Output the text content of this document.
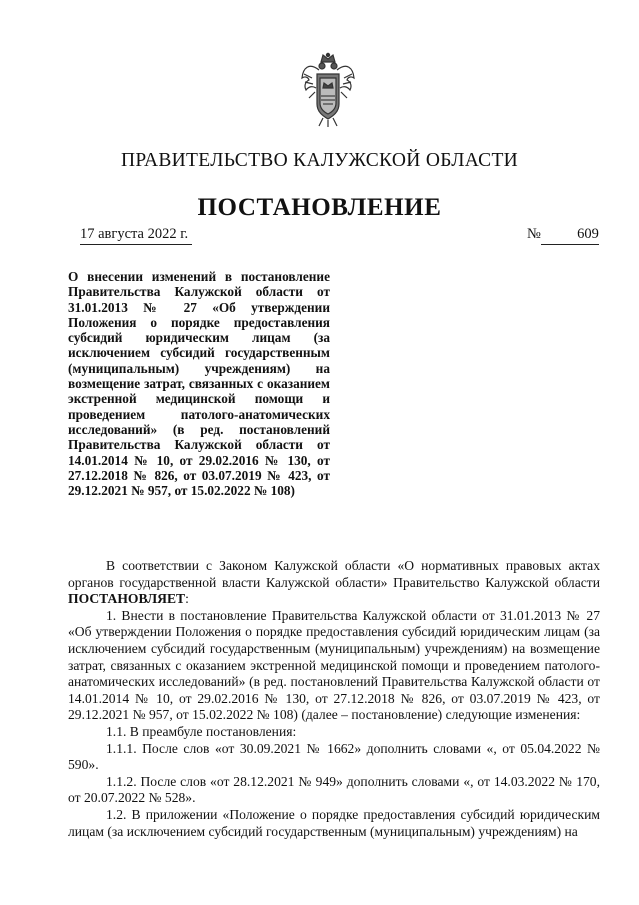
ПРАВИТЕЛЬСТВО КАЛУЖСКОЙ ОБЛАСТИ
ПОСТАНОВЛЕНИЕ
17 августа 2022 г.	№	609
О внесении изменений в постановление Правительства Калужской области от 31.01.2013 № 27 «Об утверждении Положения о порядке предоставления субсидий юридическим лицам (за исключением субсидий государственным (муниципальным) учреждениям) на возмещение затрат, связанных с оказанием экстренной медицинской помощи и проведением патолого-анатомических исследований» (в ред. постановлений Правительства Калужской области от 14.01.2014 № 10, от 29.02.2016 № 130, от 27.12.2018 № 826, от 03.07.2019 № 423, от 29.12.2021 № 957, от 15.02.2022 № 108)

В соответствии с Законом Калужской области «О нормативных правовых актах органов государственной власти Калужской области» Правительство Калужской области ПОСТАНОВЛЯЕТ:

1. Внести в постановление Правительства Калужской области от 31.01.2013 № 27 «Об утверждении Положения о порядке предоставления субсидий юридическим лицам (за исключением субсидий государственным (муниципальным) учреждениям) на возмещение затрат, связанных с оказанием экстренной медицинской помощи и проведением патолого-анатомических исследований» (в ред. постановлений Правительства Калужской области от 14.01.2014 № 10, от 29.02.2016 № 130, от 27.12.2018 № 826, от 03.07.2019 № 423, от 29.12.2021 № 957, от 15.02.2022 № 108) (далее – постановление) следующие изменения:

1.1. В преамбуле постановления:

1.1.1. После слов «от 30.09.2021 № 1662» дополнить словами «, от 05.04.2022 № 590».

1.1.2. После слов «от 28.12.2021 № 949» дополнить словами «, от 14.03.2022 № 170, от 20.07.2022 № 528».

1.2. В приложении «Положение о порядке предоставления субсидий юридическим лицам (за исключением субсидий государственным (муниципальным) учреждениям) на
